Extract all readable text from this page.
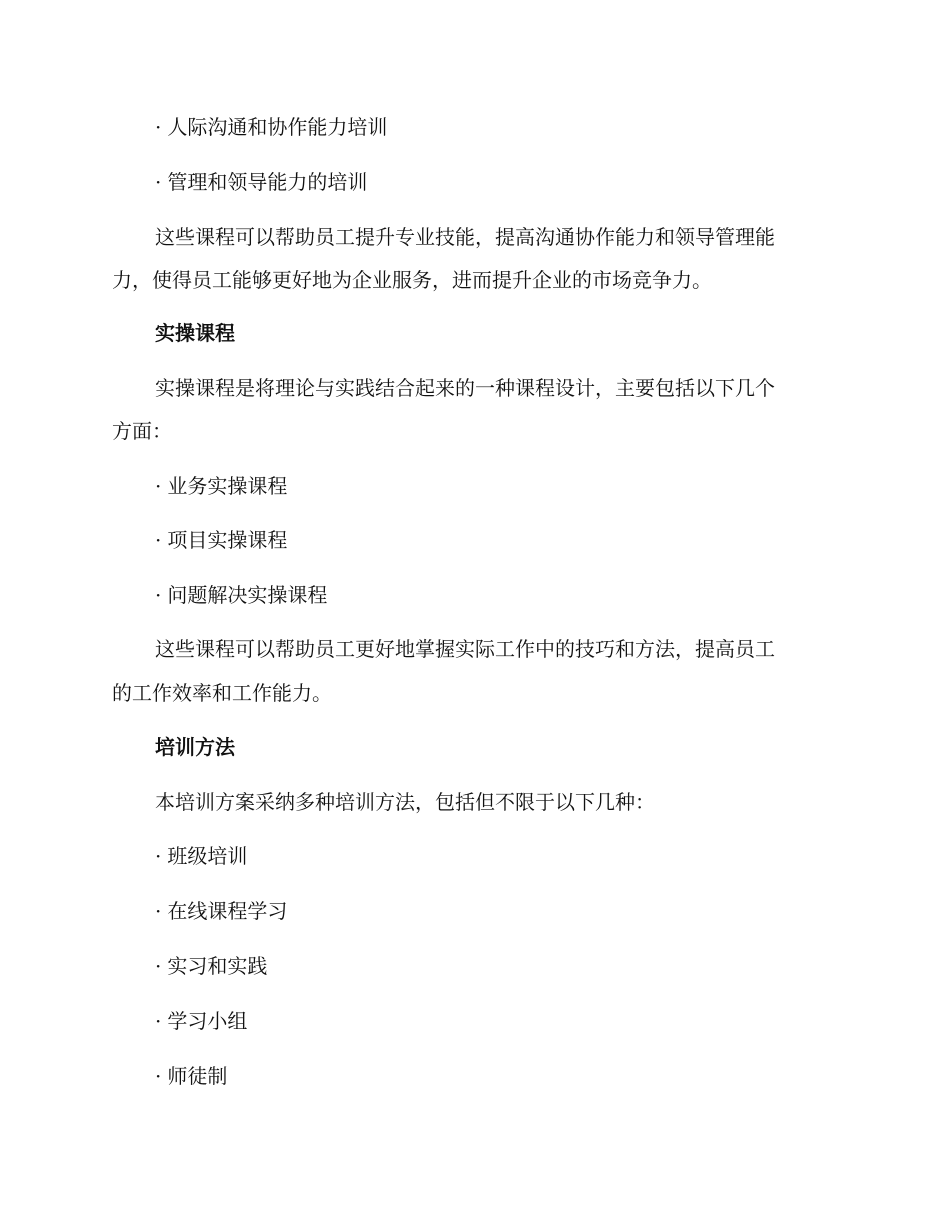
· 人际沟通和协作能力培训
· 管理和领导能力的培训
这些课程可以帮助员工提升专业技能，提高沟通协作能力和领导管理能
力，使得员工能够更好地为企业服务，进而提升企业的市场竞争力。
实操课程
实操课程是将理论与实践结合起来的一种课程设计，主要包括以下几个
方面：
· 业务实操课程
· 项目实操课程
· 问题解决实操课程
这些课程可以帮助员工更好地掌握实际工作中的技巧和方法，提高员工
的工作效率和工作能力。
培训方法
本培训方案采纳多种培训方法，包括但不限于以下几种：
· 班级培训
· 在线课程学习
· 实习和实践
· 学习小组
· 师徒制
